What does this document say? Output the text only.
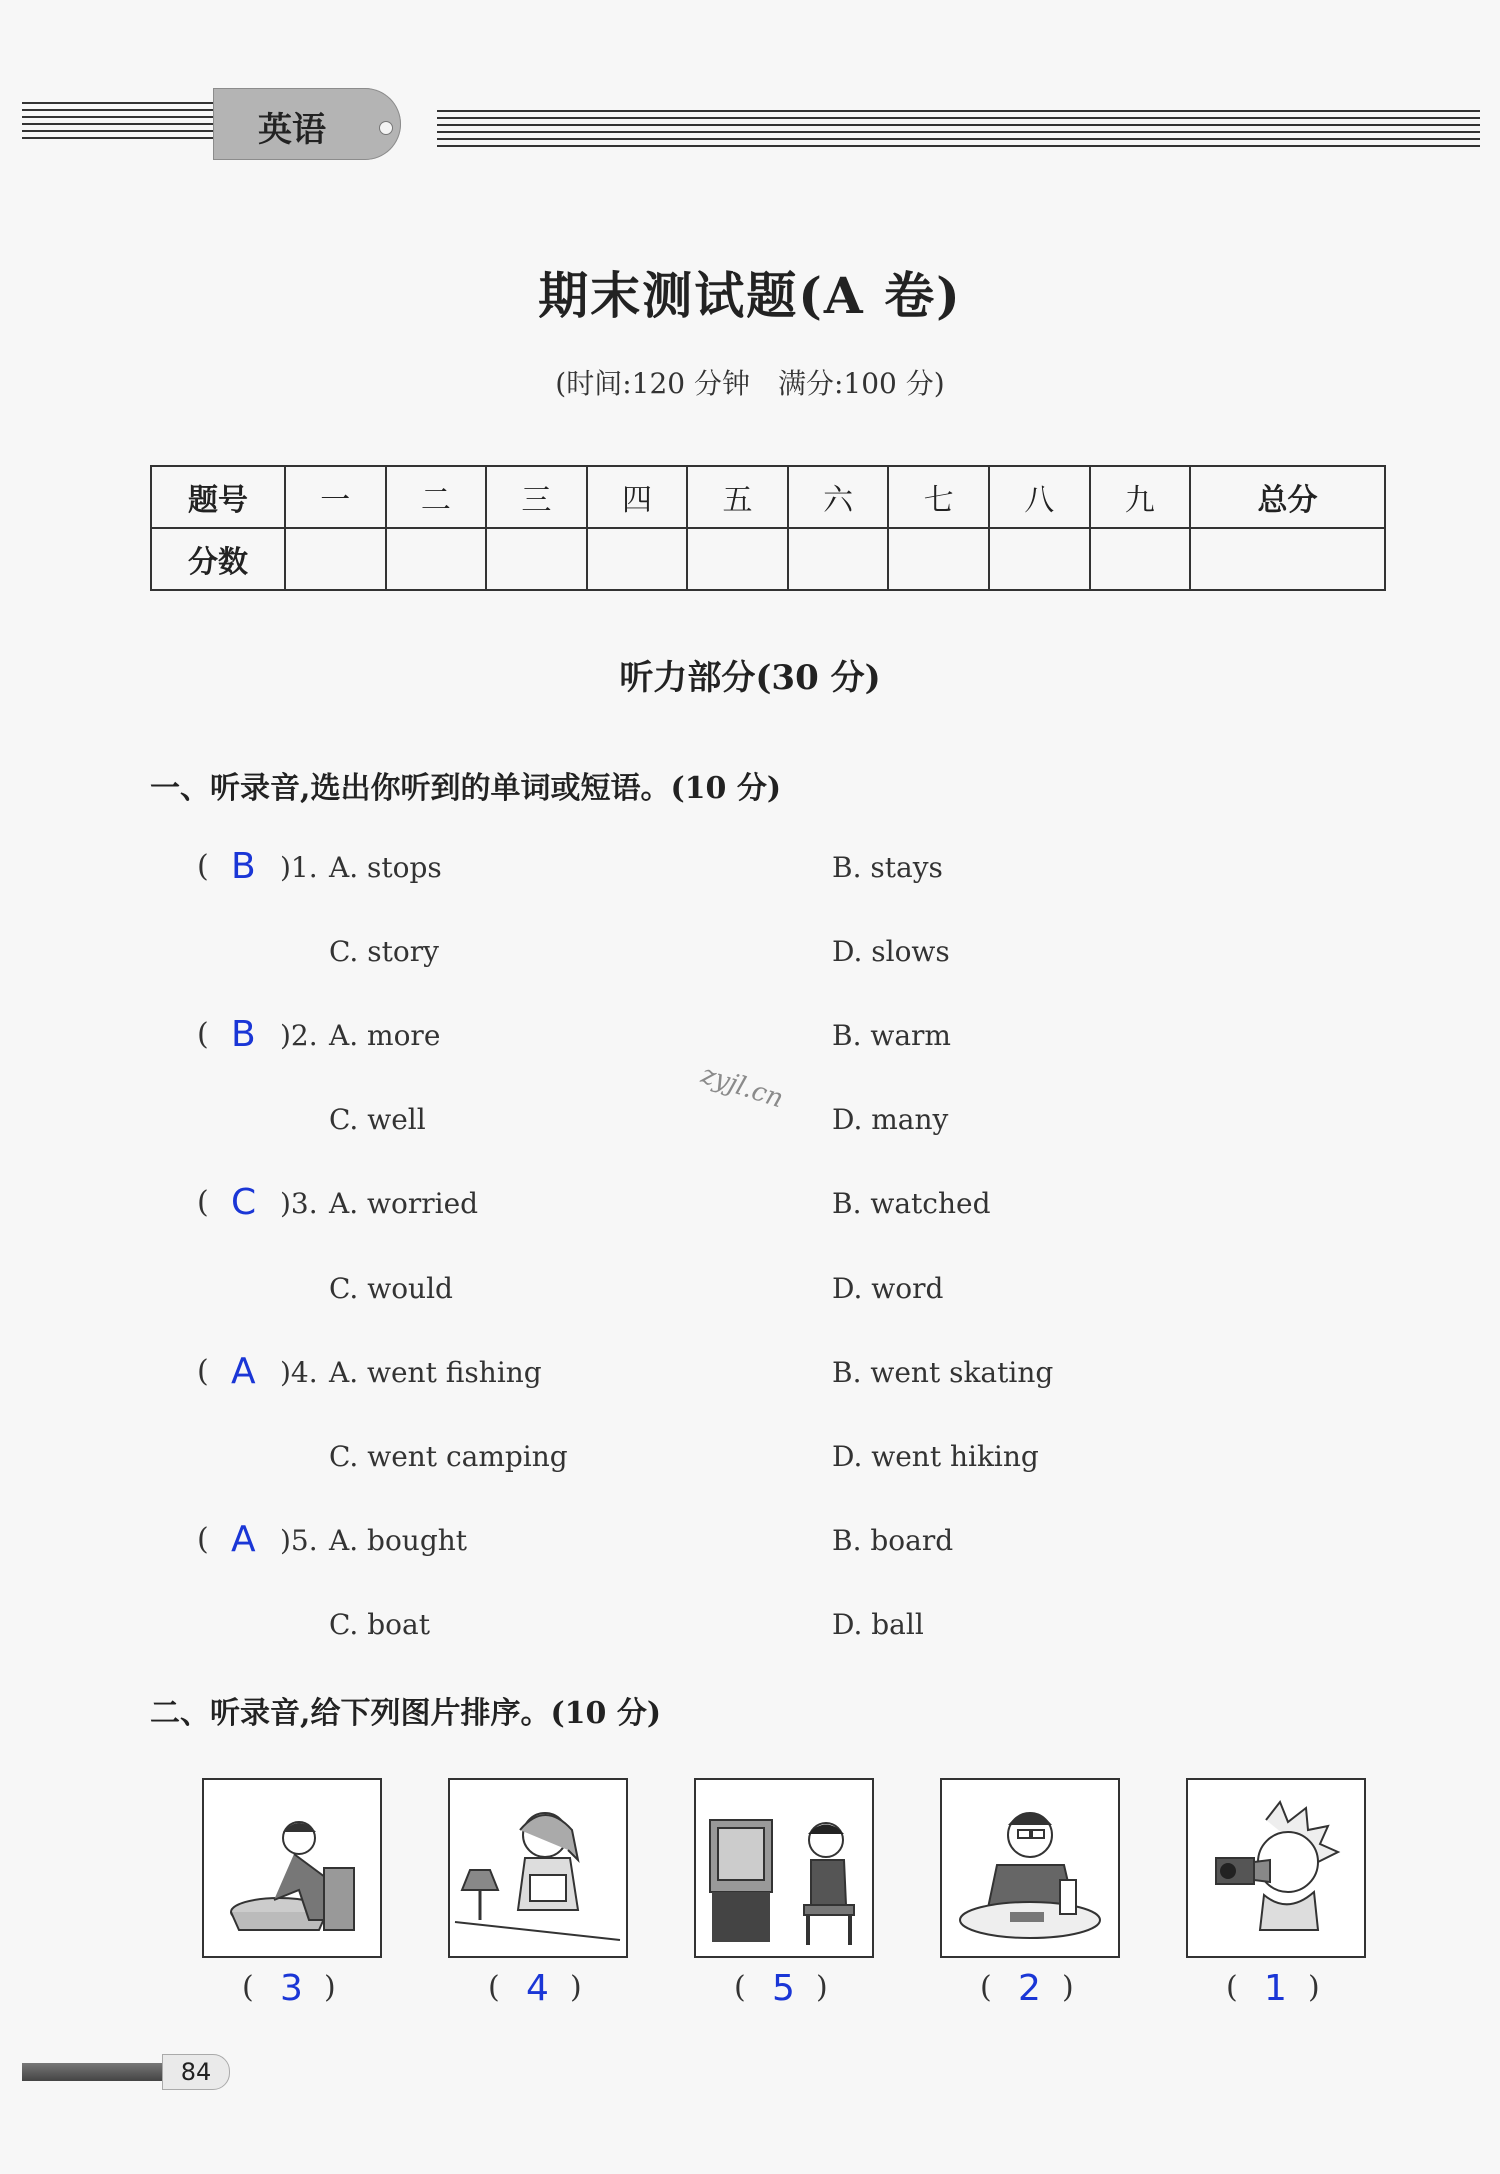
英语
期末测试题(A 卷)
(时间:120 分钟　满分:100 分)
题号	一	二	三	四	五	六	七	八	九	总分
分数										
听力部分(30 分)
一、听录音,选出你听到的单词或短语。(10 分)
( B )1. A. stops	B. stays
C. story	D. slows
( B )2. A. more	B. warm
C. well	D. many
( C )3. A. worried	B. watched
C. would	D. word
( A )4. A. went fishing	B. went skating
C. went camping	D. went hiking
( A )5. A. bought	B. board
C. boat	D. ball
zyjl.cn
二、听录音,给下列图片排序。(10 分)
( 3 )	( 4 )	( 5 )	( 2 )	( 1 )
84
